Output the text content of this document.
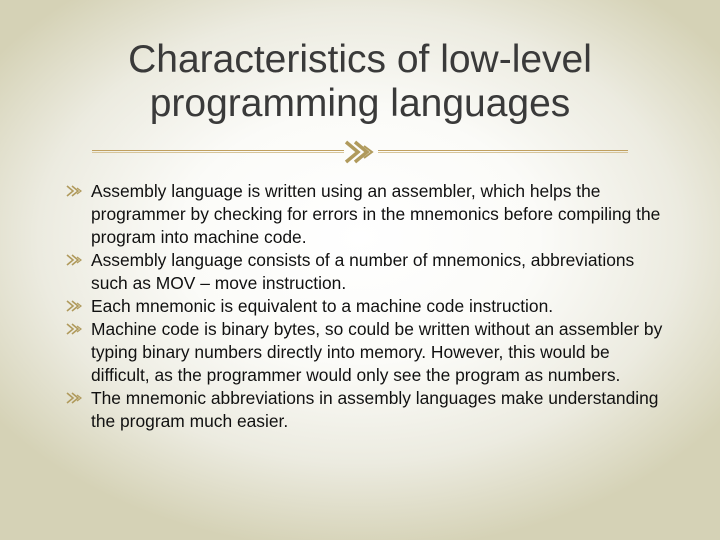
Characteristics of low-level programming languages
Assembly language is written using an assembler, which helps the programmer by checking for errors in the mnemonics before compiling the program into machine code.
Assembly language consists of a number of mnemonics, abbreviations such as MOV – move instruction.
Each mnemonic is equivalent to a machine code instruction.
Machine code is binary bytes, so could be written without an assembler by typing binary numbers directly into memory. However, this would be difficult, as the programmer would only see the program as numbers.
The mnemonic abbreviations in assembly languages make understanding the program much easier.
